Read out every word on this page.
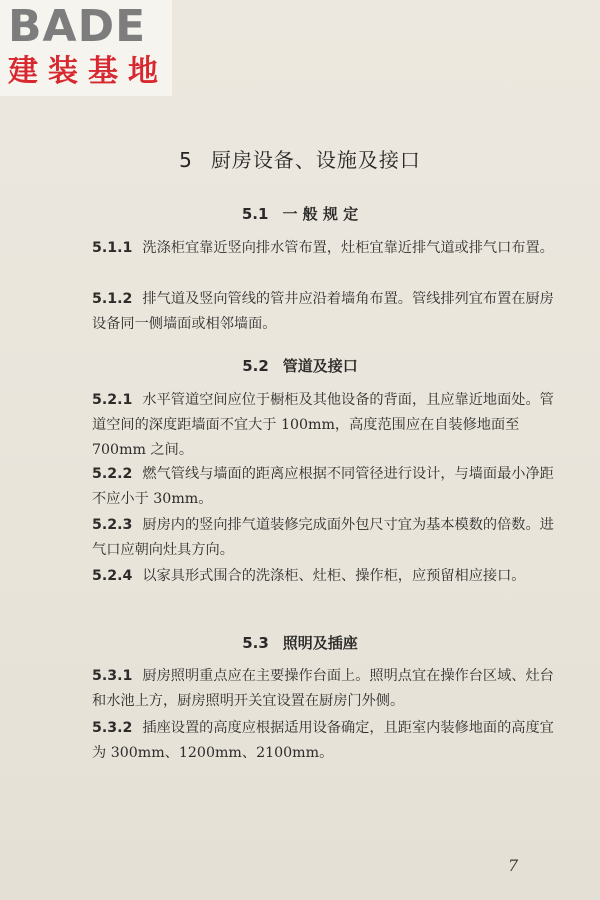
BADE
建装基地
5 厨房设备、设施及接口
5.1 一 般 规 定
5.1.1 洗涤柜宜靠近竖向排水管布置，灶柜宜靠近排气道或排气口布置。
5.1.2 排气道及竖向管线的管井应沿着墙角布置。管线排列宜布置在厨房设备同一侧墙面或相邻墙面。
5.2 管道及接口
5.2.1 水平管道空间应位于橱柜及其他设备的背面，且应靠近地面处。管道空间的深度距墙面不宜大于 100mm，高度范围应在自装修地面至 700mm 之间。
5.2.2 燃气管线与墙面的距离应根据不同管径进行设计，与墙面最小净距不应小于 30mm。
5.2.3 厨房内的竖向排气道装修完成面外包尺寸宜为基本模数的倍数。进气口应朝向灶具方向。
5.2.4 以家具形式围合的洗涤柜、灶柜、操作柜，应预留相应接口。
5.3 照明及插座
5.3.1 厨房照明重点应在主要操作台面上。照明点宜在操作台区域、灶台和水池上方，厨房照明开关宜设置在厨房门外侧。
5.3.2 插座设置的高度应根据适用设备确定，且距室内装修地面的高度宜为 300mm、1200mm、2100mm。
7
